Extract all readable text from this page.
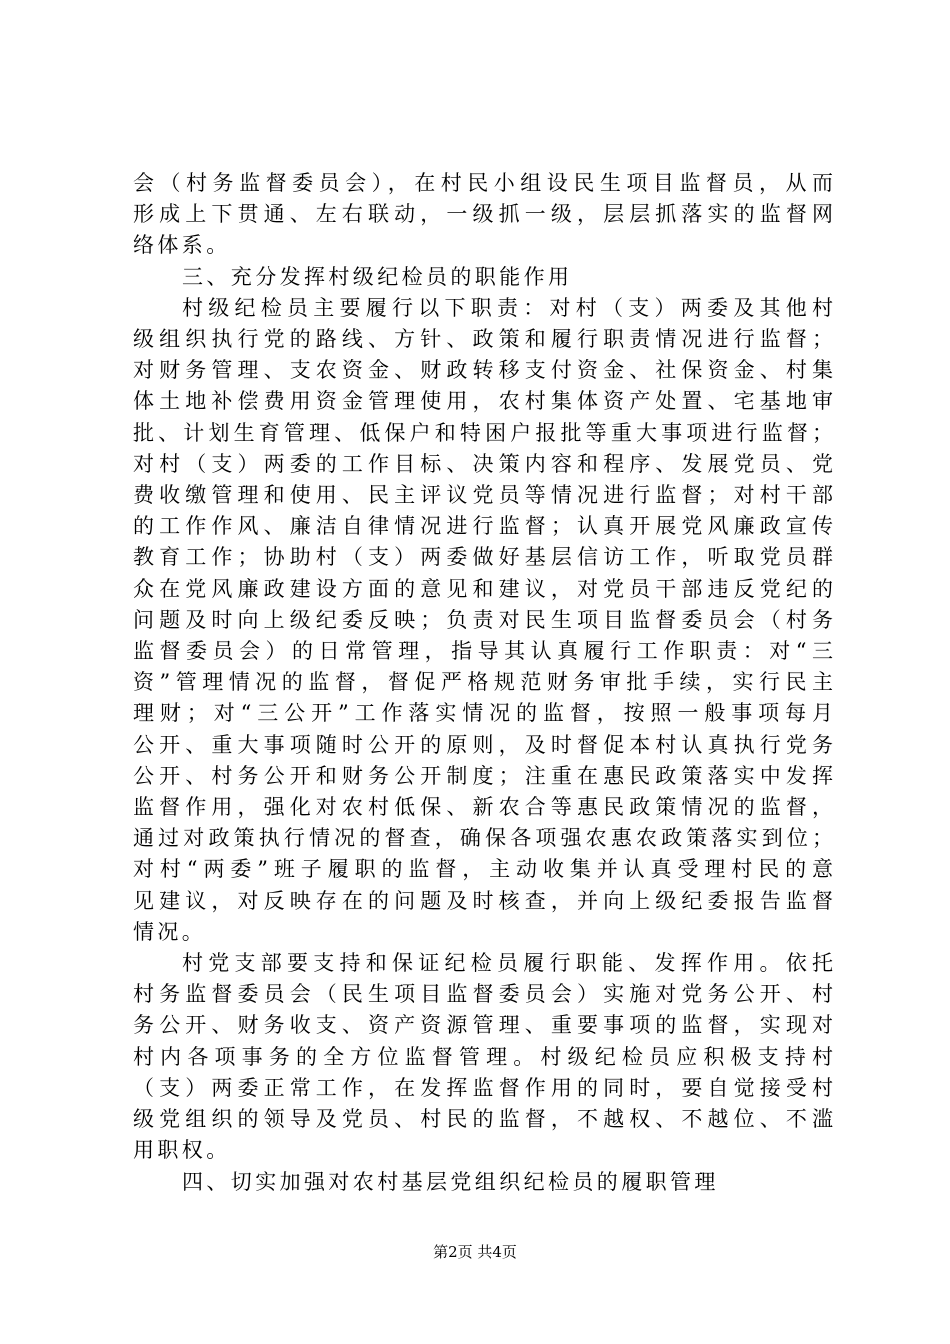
会（村务监督委员会），在村民小组设民生项目监督员，从而
形成上下贯通、左右联动，一级抓一级，层层抓落实的监督网
络体系。
三、充分发挥村级纪检员的职能作用
村级纪检员主要履行以下职责：对村（支）两委及其他村
级组织执行党的路线、方针、政策和履行职责情况进行监督；
对财务管理、支农资金、财政转移支付资金、社保资金、村集
体土地补偿费用资金管理使用，农村集体资产处置、宅基地审
批、计划生育管理、低保户和特困户报批等重大事项进行监督；
对村（支）两委的工作目标、决策内容和程序、发展党员、党
费收缴管理和使用、民主评议党员等情况进行监督；对村干部
的工作作风、廉洁自律情况进行监督；认真开展党风廉政宣传
教育工作；协助村（支）两委做好基层信访工作，听取党员群
众在党风廉政建设方面的意见和建议，对党员干部违反党纪的
问题及时向上级纪委反映；负责对民生项目监督委员会（村务
监督委员会）的日常管理，指导其认真履行工作职责：对“三
资”管理情况的监督，督促严格规范财务审批手续，实行民主
理财；对“三公开”工作落实情况的监督，按照一般事项每月
公开、重大事项随时公开的原则，及时督促本村认真执行党务
公开、村务公开和财务公开制度；注重在惠民政策落实中发挥
监督作用，强化对农村低保、新农合等惠民政策情况的监督，
通过对政策执行情况的督查，确保各项强农惠农政策落实到位；
对村“两委”班子履职的监督，主动收集并认真受理村民的意
见建议，对反映存在的问题及时核查，并向上级纪委报告监督
情况。
村党支部要支持和保证纪检员履行职能、发挥作用。依托
村务监督委员会（民生项目监督委员会）实施对党务公开、村
务公开、财务收支、资产资源管理、重要事项的监督，实现对
村内各项事务的全方位监督管理。村级纪检员应积极支持村
（支）两委正常工作，在发挥监督作用的同时，要自觉接受村
级党组织的领导及党员、村民的监督，不越权、不越位、不滥
用职权。
四、切实加强对农村基层党组织纪检员的履职管理
第2页 共4页
